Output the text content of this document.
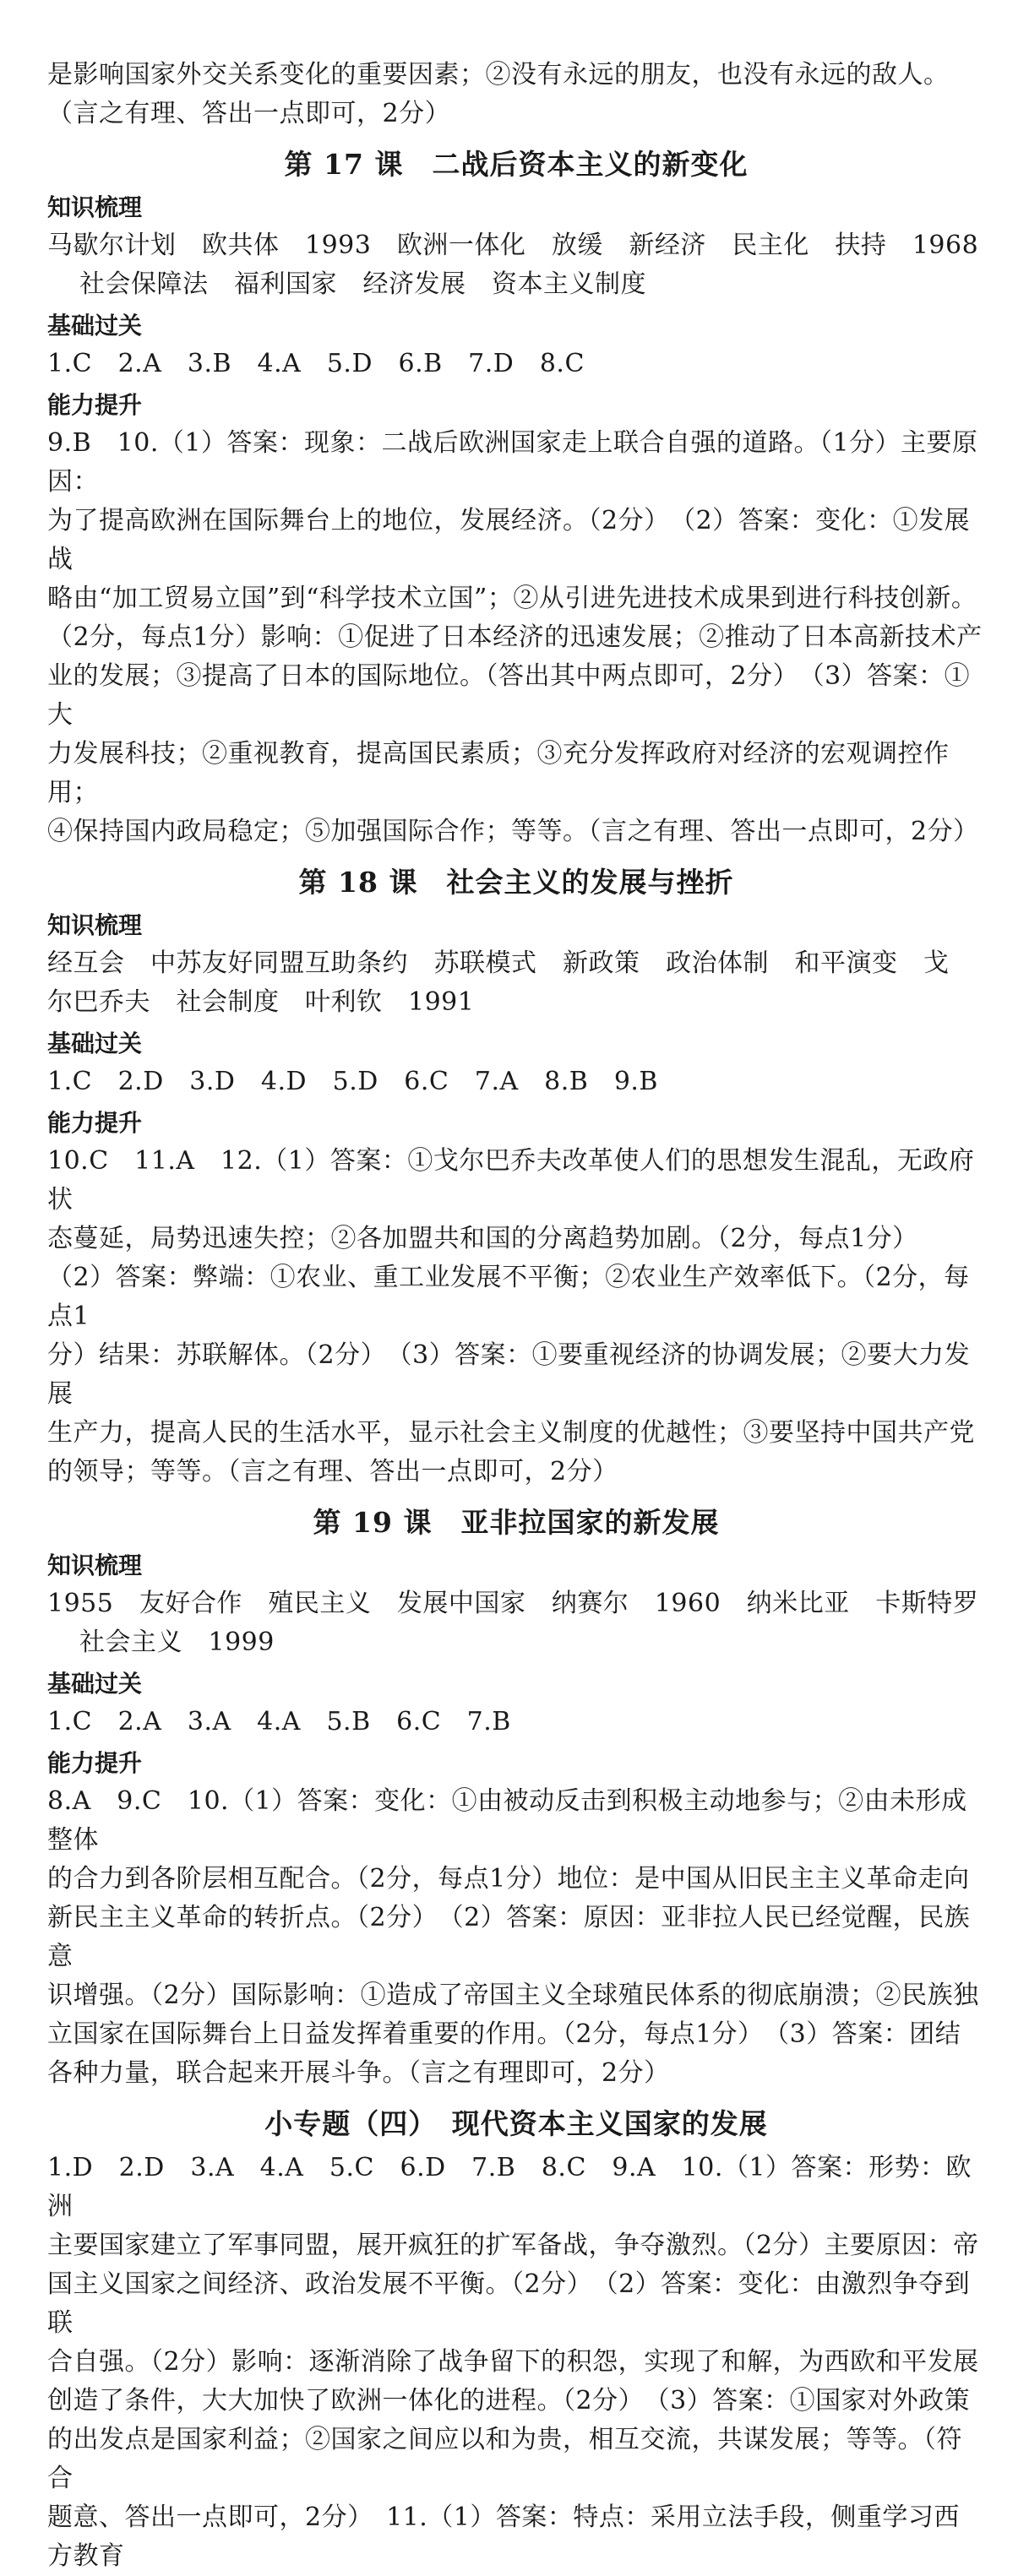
是影响国家外交关系变化的重要因素；②没有永远的朋友，也没有永远的敌人。

（言之有理、答出一点即可，2分）

第 17 课　二战后资本主义的新变化
知识梳理

马歇尔计划　欧共体　1993　欧洲一体化　放缓　新经济　民主化　扶持　1968

社会保障法　福利国家　经济发展　资本主义制度

基础过关

1.C　2.A　3.B　4.A　5.D　6.B　7.D　8.C

能力提升

9.B　10.（1）答案：现象：二战后欧洲国家走上联合自强的道路。（1分）主要原因：

为了提高欧洲在国际舞台上的地位，发展经济。（2分）　（2）答案：变化：①发展战

略由“加工贸易立国”到“科学技术立国”；②从引进先进技术成果到进行科技创新。

（2分，每点1分）影响：①促进了日本经济的迅速发展；②推动了日本高新技术产

业的发展；③提高了日本的国际地位。（答出其中两点即可，2分）　（3）答案：①大

力发展科技；②重视教育，提高国民素质；③充分发挥政府对经济的宏观调控作用；

④保持国内政局稳定；⑤加强国际合作；等等。（言之有理、答出一点即可，2分）

第 18 课　社会主义的发展与挫折
知识梳理

经互会　中苏友好同盟互助条约　苏联模式　新政策　政治体制　和平演变　戈

尔巴乔夫　社会制度　叶利钦　1991

基础过关

1.C　2.D　3.D　4.D　5.D　6.C　7.A　8.B　9.B

能力提升

10.C　11.A　12.（1）答案：①戈尔巴乔夫改革使人们的思想发生混乱，无政府状

态蔓延，局势迅速失控；②各加盟共和国的分离趋势加剧。（2分，每点1分）

（2）答案：弊端：①农业、重工业发展不平衡；②农业生产效率低下。（2分，每点1

分）结果：苏联解体。（2分）　（3）答案：①要重视经济的协调发展；②要大力发展

生产力，提高人民的生活水平，显示社会主义制度的优越性；③要坚持中国共产党

的领导；等等。（言之有理、答出一点即可，2分）

第 19 课　亚非拉国家的新发展
知识梳理

1955　友好合作　殖民主义　发展中国家　纳赛尔　1960　纳米比亚　卡斯特罗

社会主义　1999

基础过关

1.C　2.A　3.A　4.A　5.B　6.C　7.B

能力提升

8.A　9.C　10.（1）答案：变化：①由被动反击到积极主动地参与；②由未形成整体

的合力到各阶层相互配合。（2分，每点1分）地位：是中国从旧民主主义革命走向

新民主主义革命的转折点。（2分）　（2）答案：原因：亚非拉人民已经觉醒，民族意

识增强。（2分）国际影响：①造成了帝国主义全球殖民体系的彻底崩溃；②民族独

立国家在国际舞台上日益发挥着重要的作用。（2分，每点1分）　（3）答案：团结

各种力量，联合起来开展斗争。（言之有理即可，2分）

小专题（四）　现代资本主义国家的发展

1.D　2.D　3.A　4.A　5.C　6.D　7.B　8.C　9.A　10.（1）答案：形势：欧洲

主要国家建立了军事同盟，展开疯狂的扩军备战，争夺激烈。（2分）主要原因：帝

国主义国家之间经济、政治发展不平衡。（2分）　（2）答案：变化：由激烈争夺到联

合自强。（2分）影响：逐渐消除了战争留下的积怨，实现了和解，为西欧和平发展

创造了条件，大大加快了欧洲一体化的进程。（2分）　（3）答案：①国家对外政策

的出发点是国家利益；②国家之间应以和为贵，相互交流，共谋发展；等等。（符合

题意、答出一点即可，2分）　11.（1）答案：特点：采用立法手段，侧重学习西方教育
